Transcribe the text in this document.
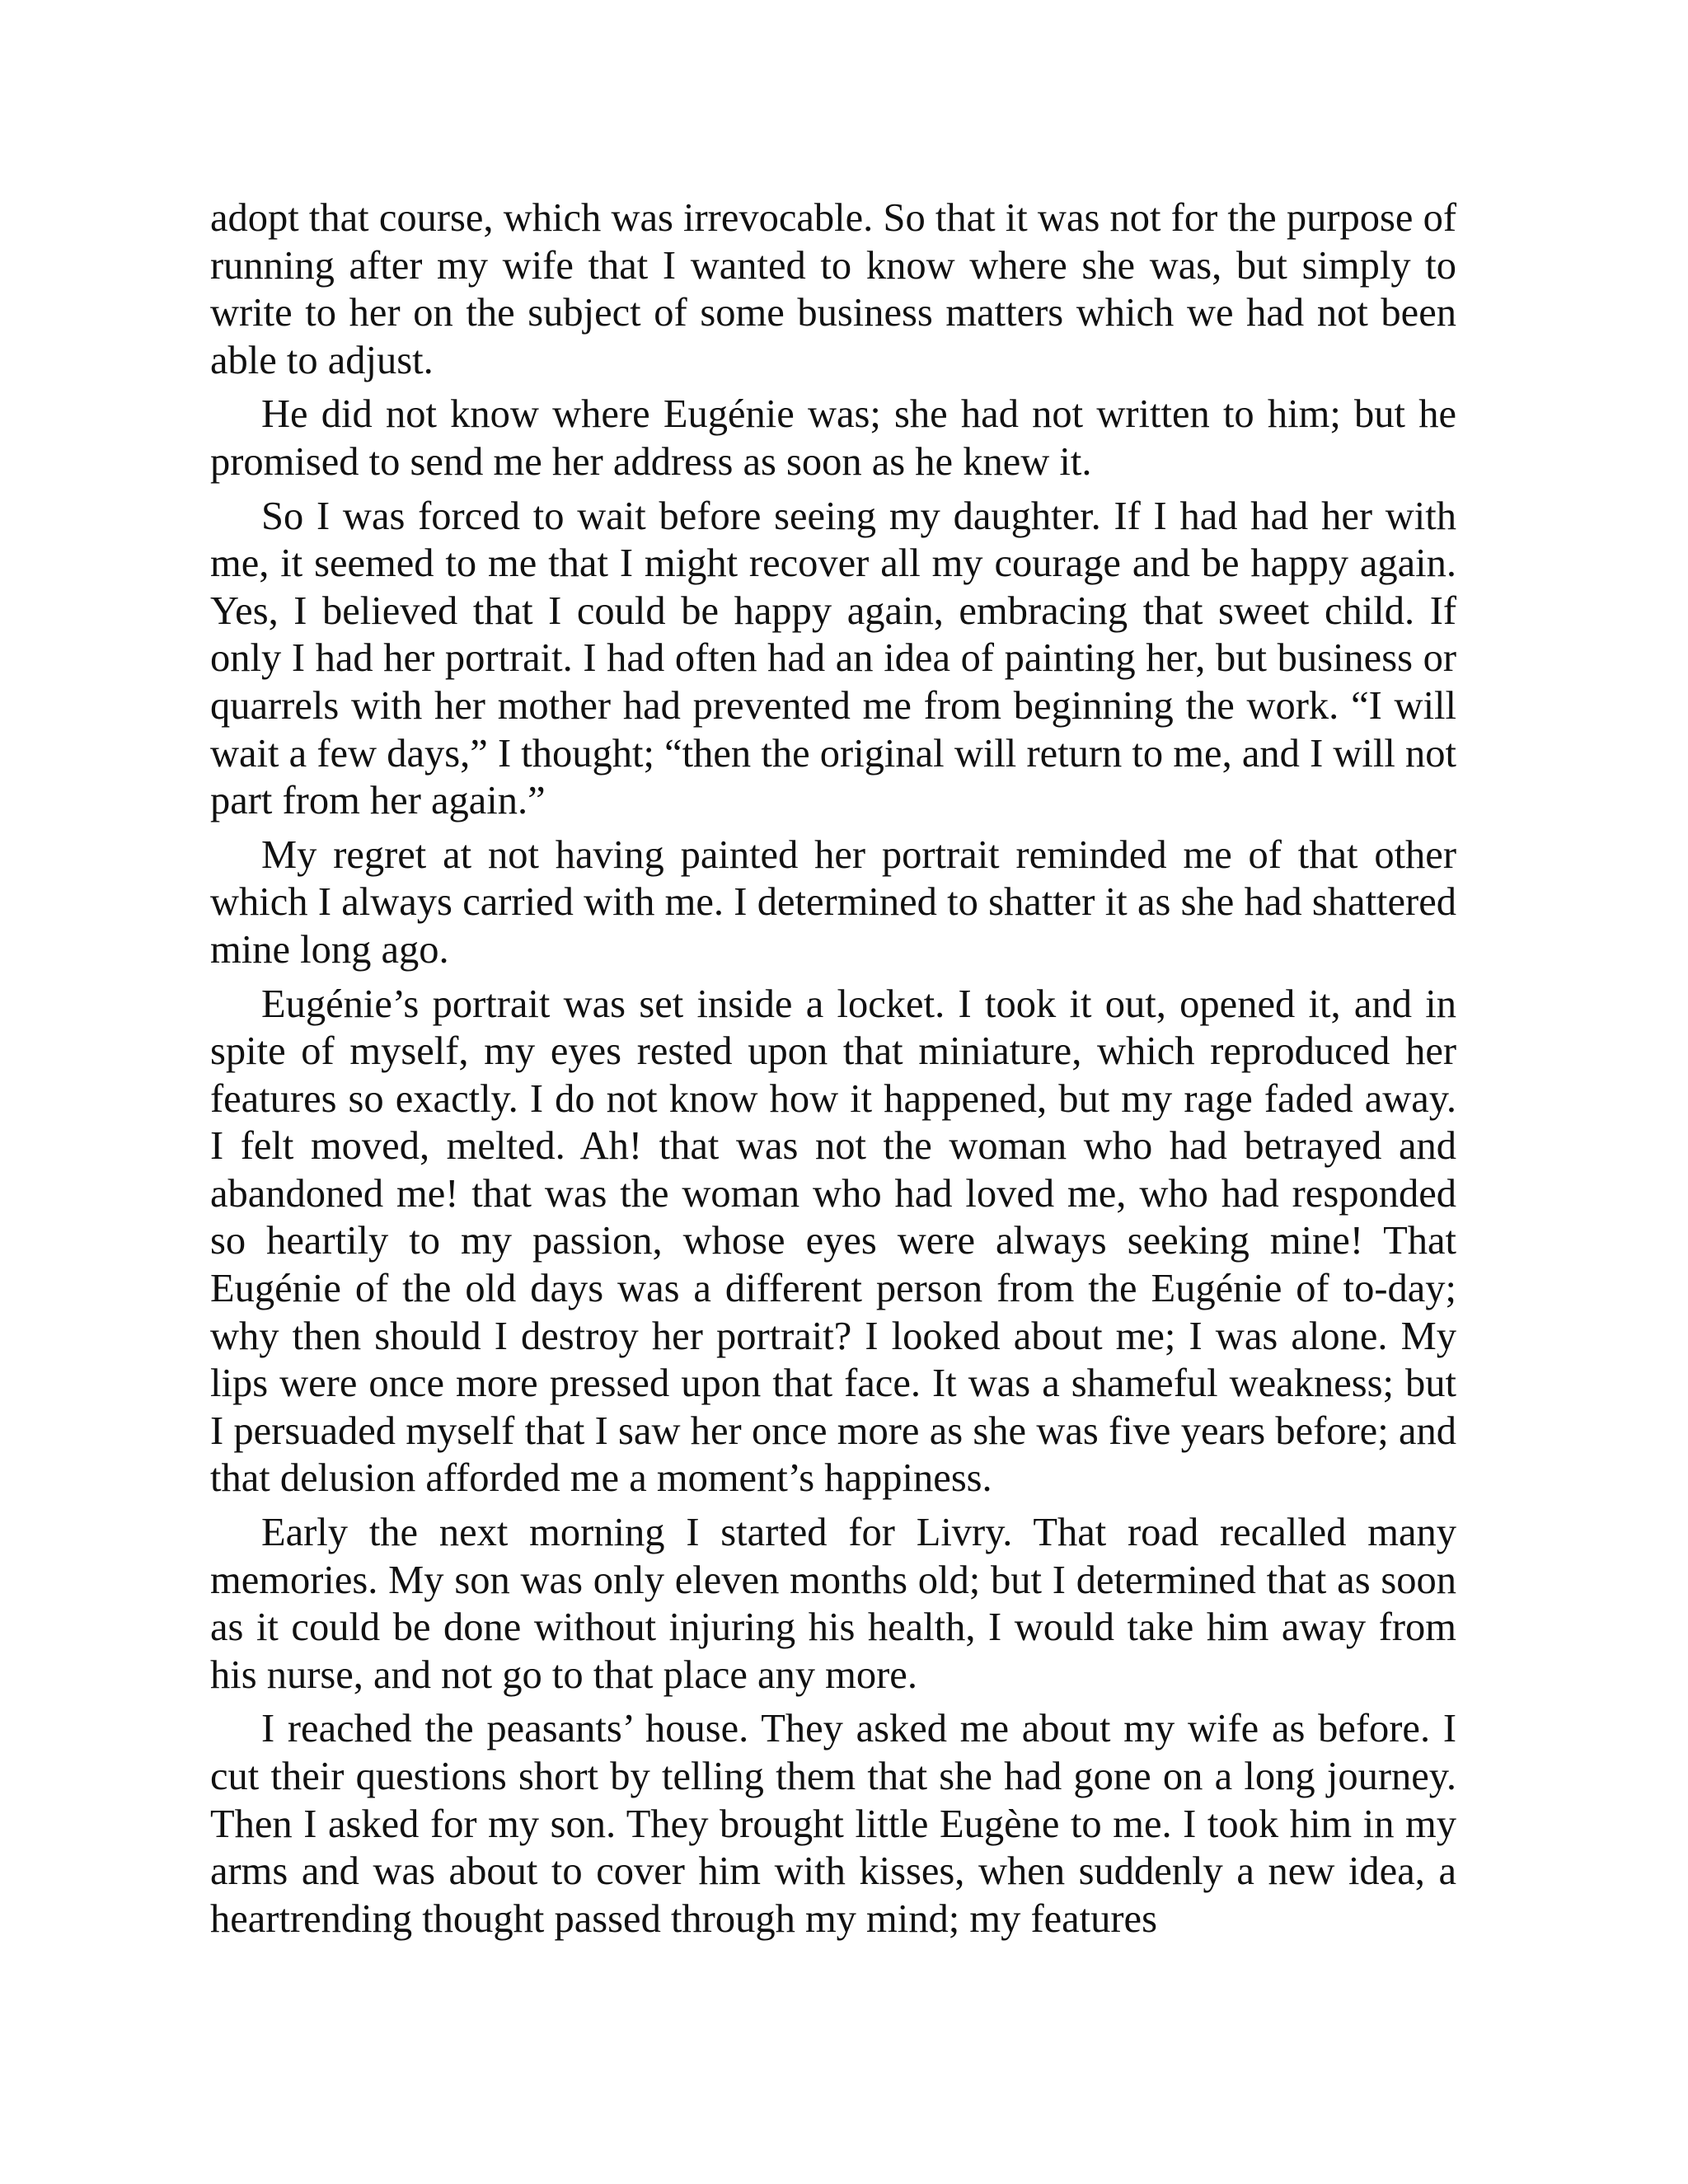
adopt that course, which was irrevocable. So that it was not for the purpose of running after my wife that I wanted to know where she was, but simply to write to her on the subject of some business matters which we had not been able to adjust.

He did not know where Eugénie was; she had not written to him; but he promised to send me her address as soon as he knew it.

So I was forced to wait before seeing my daughter. If I had had her with me, it seemed to me that I might recover all my courage and be happy again. Yes, I believed that I could be happy again, embracing that sweet child. If only I had her portrait. I had often had an idea of painting her, but business or quarrels with her mother had prevented me from beginning the work. “I will wait a few days,” I thought; “then the original will return to me, and I will not part from her again.”

My regret at not having painted her portrait reminded me of that other which I always carried with me. I determined to shatter it as she had shattered mine long ago.

Eugénie’s portrait was set inside a locket. I took it out, opened it, and in spite of myself, my eyes rested upon that miniature, which reproduced her features so exactly. I do not know how it happened, but my rage faded away. I felt moved, melted. Ah! that was not the woman who had betrayed and abandoned me! that was the woman who had loved me, who had responded so heartily to my passion, whose eyes were always seeking mine! That Eugénie of the old days was a different person from the Eugénie of to-day; why then should I destroy her portrait? I looked about me; I was alone. My lips were once more pressed upon that face. It was a shameful weakness; but I persuaded myself that I saw her once more as she was five years before; and that delusion afforded me a moment’s happiness.

Early the next morning I started for Livry. That road recalled many memories. My son was only eleven months old; but I determined that as soon as it could be done without injuring his health, I would take him away from his nurse, and not go to that place any more.

I reached the peasants’ house. They asked me about my wife as before. I cut their questions short by telling them that she had gone on a long journey. Then I asked for my son. They brought little Eugène to me. I took him in my arms and was about to cover him with kisses, when suddenly a new idea, a heartrending thought passed through my mind; my features
